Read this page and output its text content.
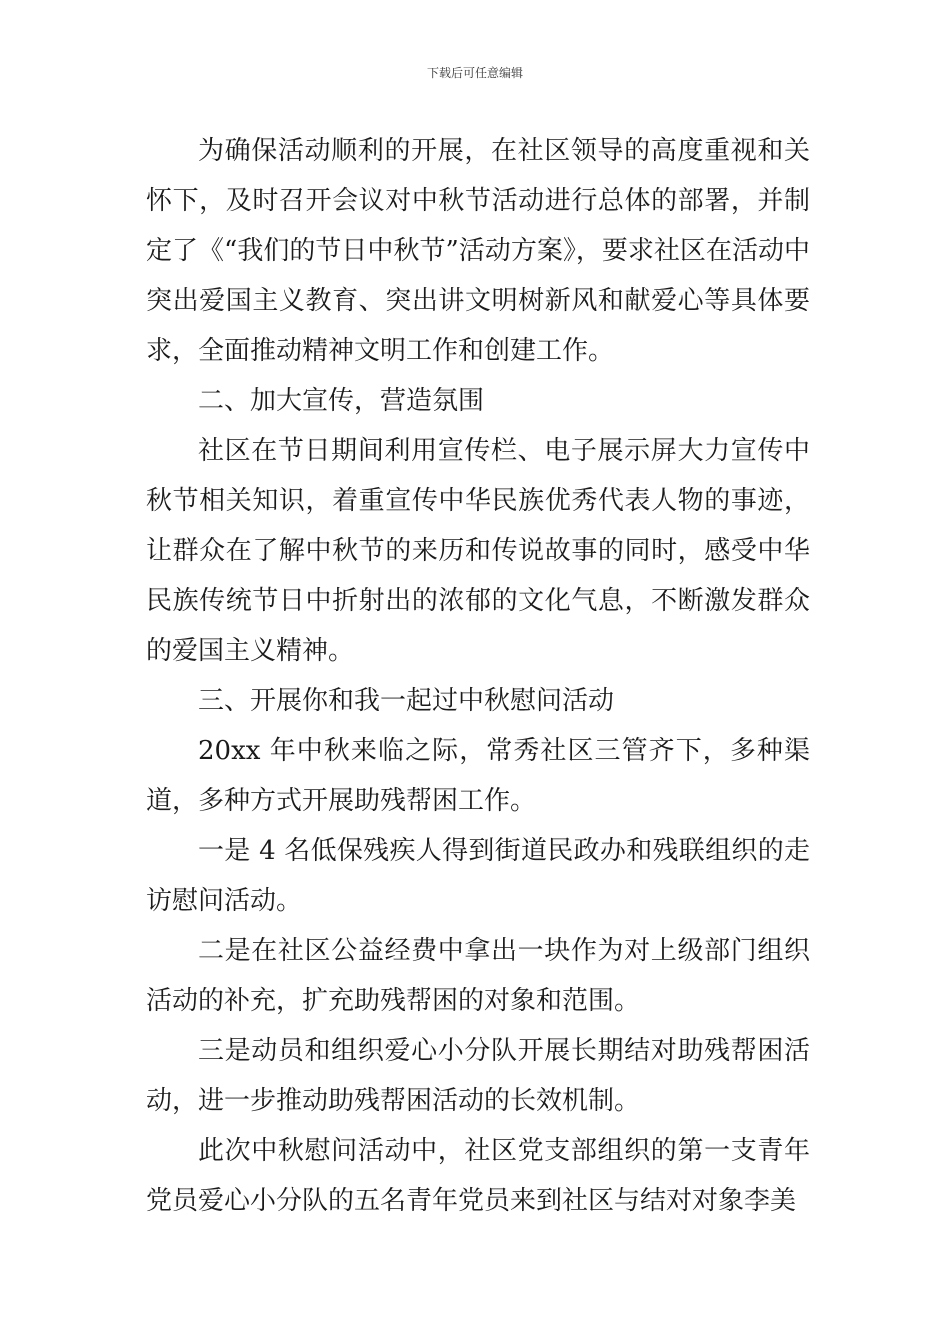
下载后可任意编辑

为确保活动顺利的开展，在社区领导的高度重视和关怀下，及时召开会议对中秋节活动进行总体的部署，并制定了《“我们的节日中秋节”活动方案》，要求社区在活动中突出爱国主义教育、突出讲文明树新风和献爱心等具体要求，全面推动精神文明工作和创建工作。

二、加大宣传，营造氛围

社区在节日期间利用宣传栏、电子展示屏大力宣传中秋节相关知识，着重宣传中华民族优秀代表人物的事迹，让群众在了解中秋节的来历和传说故事的同时，感受中华民族传统节日中折射出的浓郁的文化气息，不断激发群众的爱国主义精神。

三、开展你和我一起过中秋慰问活动

20xx 年中秋来临之际，常秀社区三管齐下，多种渠道，多种方式开展助残帮困工作。

一是 4 名低保残疾人得到街道民政办和残联组织的走访慰问活动。

二是在社区公益经费中拿出一块作为对上级部门组织活动的补充，扩充助残帮困的对象和范围。

三是动员和组织爱心小分队开展长期结对助残帮困活动，进一步推动助残帮困活动的长效机制。

此次中秋慰问活动中，社区党支部组织的第一支青年党员爱心小分队的五名青年党员来到社区与结对对象李美
